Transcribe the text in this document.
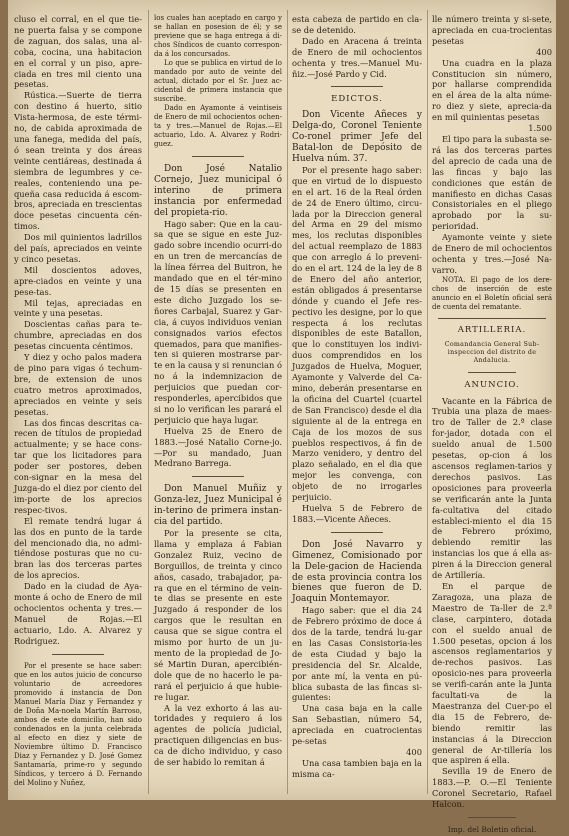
cluso el corral, en el que tie-ne puerta falsa y se compone de zaguan, dos salas, una al-coba, cocina, una habitacion en el corral y un piso, apre-ciada en tres mil ciento una pesetas.

Rústica.—Suerte de tierra con destino á huerto, sitio Vista-hermosa, de este térmi-no, de cabida aproximada de una fanega, medida del país, ó sean treinta y dos áreas veinte centiáreas, destinada á siembra de legumbres y ce-reales, conteniendo una pe-queña casa reducida á escom-bros, apreciada en trescientas doce pesetas cincuenta cén-timos.

Dos mil quinientos ladrillos del país, apreciados en veinte y cinco pesetas.

Mil doscientos adoves, apre-ciados en veinte y una pese-tas.

Mil tejas, apreciadas en veinte y una pesetas.

Doscientas cañas para te-chumbre, apreciadas en dos pesetas cincuenta céntimos.

Y diez y ocho palos madera de pino para vigas ó techum-bre, de extension de unos cuatro metros aproximados, apreciados en veinte y seis pesetas.

Las dos fincas descritas ca-recen de títulos de propiedad actualmente; y se hace cons-tar que los licitadores para poder ser postores, deben con-signar en la mesa del Juzga-do el diez por ciento del im-porte de los aprecios respec-tivos.

El remate tendrá lugar á las dos en punto de la tarde del mencionado dia, no admi-tiéndose posturas que no cu-bran las dos terceras partes de los aprecios.

Dado en la ciudad de Aya-monte á ocho de Enero de mil ochocientos ochenta y tres.—Manuel de Rojas.—El actuario, Ldo. A. Alvarez y Rodriguez.

Por el presente se hace saber: que en los autos juicio de concurso voluntario de acreedores promovido á instancia de Don Manuel María Diaz y Fernandez y de Doña Ma-noela Martín Barroso, ambos de este domicilio, han sido condenados en la junta celebrada al efecto en diez y siete de Noviembre último D. Francisco Diaz y Fernandez y D. José Gomez Santamaría, prime-ro y segundo Síndicos, y tercero á D. Fernando del Molino y Nuñez,

los cuales han aceptado en cargo y se hallan en posesion de él; y se previene que se haga entrega á di-chos Síndicos de cuanto correspon-da á los concursados.

Lo que se publica en virtud de lo mandado por auto de veinte del actual, dictado por el Sr. Juez ac-cidental de primera instancia que suscribe.

Dado en Ayamonte á veintiseis de Enero de mil ochocientos ochen-ta y tres.—Manuel de Rojas.—El actuario, Ldo. A. Alvarez y Rodri-guez.

Don José Natalio Cornejo, Juez municipal ó interino de primera instancia por enfermedad del propieta-rio.

Hago saber: Que en la cau-sa que se sigue en este Juz-gado sobre incendio ocurri-do en un tren de mercancías de la línea férrea del Buitron, he mandado que en el tér-mino de 15 días se presenten en este dicho Juzgado los se-ñores Carbajal, Suarez y Gar-cia, á cuyos individuos venian consignados varios efectos quemados, para que manifies-ten si quieren mostrarse par-te en la causa y si renuncian ó no á la indemnizacion de perjuicios que puedan cor-responderles, apercibidos que si no lo verifican les parará el perjuicio que haya lugar.

Huelva 25 de Enero de 1883.—José Natalio Corne-jo.—Por su mandado, Juan Medrano Barrega.

Don Manuel Muñiz y Gonza-lez, Juez Municipal é in-terino de primera instan-cia del partido.

Por la presente se cita, llama y emplaza á Fabian Gonzalez Ruiz, vecino de Borguillos, de treinta y cinco años, casado, trabajador, pa-ra que en el término de vein-te dias se presente en este Juzgado á responder de los cargos que le resultan en causa que se sigue contra el mismo por hurto de un ju-mento de la propiedad de Jo-sé Martin Duran, apercibién-dole que de no hacerlo le pa-rará el perjuicio á que hubie-re lugar.

A la vez exhorto á las au-toridades y requiero á los agentes de policía judicial, practiquen diligencias en bus-ca de dicho individuo, y caso de ser habido lo remitan á

esta cabeza de partido en cla-se de detenido.

Dado en Aracena á treinta de Enero de mil ochocientos ochenta y tres.—Manuel Mu-ñiz.—José Pardo y Cid.

EDICTOS.

Don Vicente Añeces y Delga-do, Coronel Teniente Co-ronel primer Jefe del Batal-lon de Depósito de Huelva núm. 37.

Por el presente hago saber: que en virtud de lo dispuesto en el art. 16 de la Real órden de 24 de Enero último, circu-lada por la Direccion general del Arma en 29 del mismo mes, los reclutas disponibles del actual reemplazo de 1883 que con arreglo á lo preveni-do en el art. 124 de la ley de 8 de Enero del año anterior, están obligados á presentarse dónde y cuando el Jefe res-pectivo les designe, por lo que respecta á los reclutas disponibles de este Batallon, que lo constituyen los indivi-duos comprendidos en los Juzgados de Huelva, Moguer, Ayamonte y Valverde del Ca-mino, deberán presentarse en la oficina del Cuartel (cuartel de San Francisco) desde el dia siguiente al de la entrega en Caja de los mozos de sus pueblos respectivos, á fin de Marzo venidero, y dentro del plazo señalado, en el dia que mejor les convenga, con objeto de no irrogarles perjuicio.

Huelva 5 de Febrero de 1883.—Vicente Añeces.

Don José Navarro y Gimenez, Comisionado por la Dele-gacion de Hacienda de esta provincia contra los bienes que fueron de D. Joaquin Montemayor.

Hago saber: que el dia 24 de Febrero próximo de doce á dos de la tarde, tendrá lu-gar en las Casas Consistoria-les de esta Ciudad y bajo la presidencia del Sr. Alcalde, por ante mí, la venta en pú-blica subasta de las fincas si-guientes:

Una casa baja en la calle San Sebastian, número 54, apreciada en cuatrocientas pe-setas

400

Una casa tambien baja en la misma ca-

lle número treinta y si-sete, apreciada en cua-trocientas pesetas

400

Una cuadra en la plaza Constitucion sin número, por hallarse comprendida en el área de la alta núme-ro diez y siete, aprecia-da en mil quinientas pesetas

1.500

El tipo para la subasta se-rá las dos terceras partes del aprecio de cada una de las fincas y bajo las condiciones que están de manifiesto en dichas Casas Consistoriales en el pliego aprobado por la su-perioridad.

Ayamonte veinte y siete de Enero de mil ochocientos ochenta y tres.—José Na-varro.

NOTA. El pago de los dere-chos de inserción de este anuncio en el Boletín oficial será de cuenta del rematante.

ARTILLERIA.

Comandancia General Sub-inspeccion del distrito de Andalucia.

ANUNCIO.

Vacante en la Fábrica de Trubia una plaza de maes-tro de Taller de 2.ª clase for-jador, dotada con el sueldo anual de 1.500 pesetas, op-cion á los ascensos reglamen-tarios y derechos pasivos. Las oposiciones para proveerla se verificarán ante la Junta fa-cultativa del citado estableci-miento el dia 15 de Febrero próximo, debiendo remitir las instancias los que á ella as-piren á la Direccion general de Artillería.

En el parque de Zaragoza, una plaza de Maestro de Ta-ller de 2.ª clase, carpintero, dotada con el sueldo anual de 1.500 pesetas, opcion á los ascensos reglamentarios y de-rechos pasivos. Las oposicio-nes para proveerla se verifi-carán ante la Junta facultati-va de la Maestranza del Cuer-po el dia 15 de Febrero, de-biendo remitir las instancias á la Direccion general de Ar-tillería los que aspiren á ella.

Sevilla 19 de Enero de 1883.—P. O.—El Teniente Coronel Secretario, Rafael Halcon.

Imp. del Boletin oficial.
